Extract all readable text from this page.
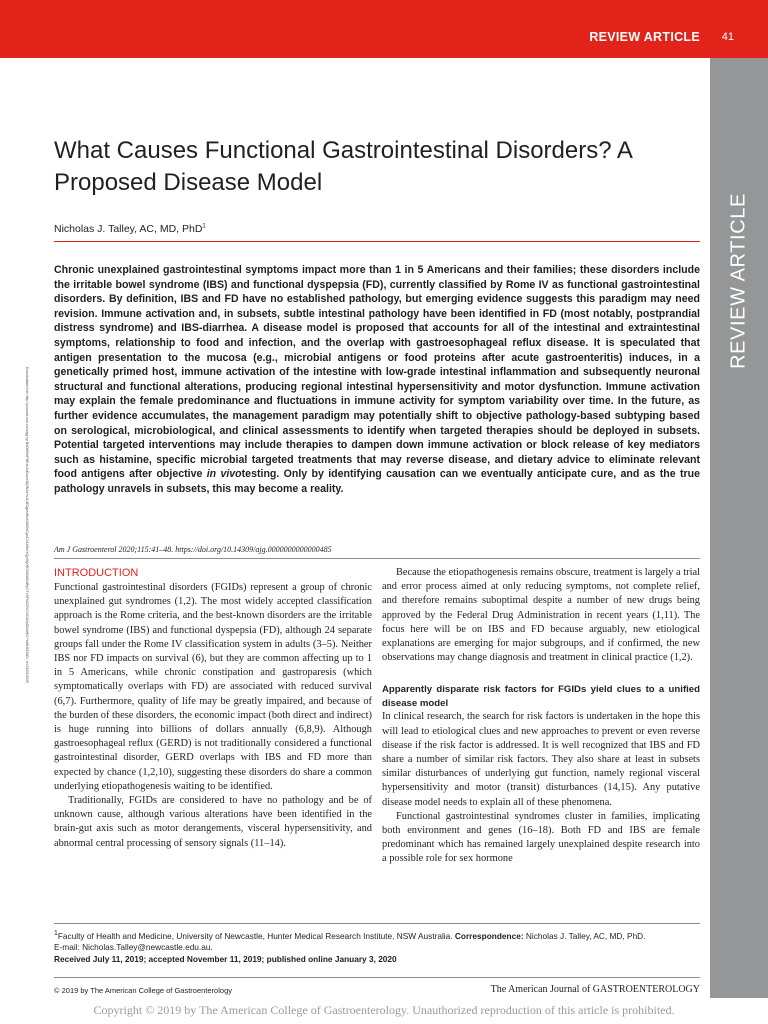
REVIEW ARTICLE 41
REVIEW ARTICLE
What Causes Functional Gastrointestinal Disorders? A Proposed Disease Model
Nicholas J. Talley, AC, MD, PhD$^1$
Downloaded from http://journals.lww.com/ajg by BhDMf5ePHKav1zEoum1tQfN4a+kJLhEZgbsIHo4XMi0hCywCX1AWnYQp/IlQrHD3i3D0OdRyi7TvSFl4Cf3VC4/OAVpDDa8K2+Ya6H515kE= on 01/03/2020

Chronic unexplained gastrointestinal symptoms impact more than 1 in 5 Americans and their families; these disorders include the irritable bowel syndrome (IBS) and functional dyspepsia (FD), currently classified by Rome IV as functional gastrointestinal disorders. By definition, IBS and FD have no established pathology, but emerging evidence suggests this paradigm may need revision. Immune activation and, in subsets, subtle intestinal pathology have been identified in FD (most notably, postprandial distress syndrome) and IBS-diarrhea. A disease model is proposed that accounts for all of the intestinal and extraintestinal symptoms, relationship to food and infection, and the overlap with gastroesophageal reflux disease. It is speculated that antigen presentation to the mucosa (e.g., microbial antigens or food proteins after acute gastroenteritis) induces, in a genetically primed host, immune activation of the intestine with low-grade intestinal inflammation and subsequently neuronal structural and functional alterations, producing regional intestinal hypersensitivity and motor dysfunction. Immune activation may explain the female predominance and fluctuations in immune activity for symptom variability over time. In the future, as further evidence accumulates, the management paradigm may potentially shift to objective pathology-based subtyping based on serological, microbiological, and clinical assessments to identify when targeted therapies should be deployed in subsets. Potential targeted interventions may include therapies to dampen down immune activation or block release of key mediators such as histamine, specific microbial targeted treatments that may reverse disease, and dietary advice to eliminate relevant food antigens after objective in vivotesting. Only by identifying causation can we eventually anticipate cure, and as the true pathology unravels in subsets, this may become a reality.

Am J Gastroenterol 2020;115:41–48. https://doi.org/10.14309/ajg.0000000000000485
INTRODUCTION

Functional gastrointestinal disorders (FGIDs) represent a group of chronic unexplained gut syndromes (1,2). The most widely accepted classification approach is the Rome criteria, and the best-known disorders are the irritable bowel syndrome (IBS) and functional dyspepsia (FD), although 24 separate groups fall under the Rome IV classification system in adults (3–5). Neither IBS nor FD impacts on survival (6), but they are common affecting up to 1 in 5 Americans, while chronic constipation and gastroparesis (which symptomatically overlaps with FD) are associated with reduced survival (6,7). Furthermore, quality of life may be greatly impaired, and because of the burden of these disorders, the economic impact (both direct and indirect) is huge running into billions of dollars annually (6,8,9). Although gastroesophageal reflux (GERD) is not traditionally considered a functional gastrointestinal disorder, GERD overlaps with IBS and FD more than expected by chance (1,2,10), suggesting these disorders do share a common underlying etiopathogenesis waiting to be identified.

Traditionally, FGIDs are considered to have no pathology and be of unknown cause, although various alterations have been identified in the brain-gut axis such as motor derangements, visceral hypersensitivity, and abnormal central processing of sensory signals (11–14).

Because the etiopathogenesis remains obscure, treatment is largely a trial and error process aimed at only reducing symptoms, not complete relief, and therefore remains suboptimal despite a number of new drugs being approved by the Federal Drug Administration in recent years (1,11). The focus here will be on IBS and FD because arguably, new etiological explanations are emerging for major subgroups, and if confirmed, the new observations may change diagnosis and treatment in clinical practice (1,2).

Apparently disparate risk factors for FGIDs yield clues to a unified disease model

In clinical research, the search for risk factors is undertaken in the hope this will lead to etiological clues and new approaches to prevent or even reverse disease if the risk factor is addressed. It is well recognized that IBS and FD share a number of similar risk factors. They also share at least in subsets similar disturbances of underlying gut function, namely regional visceral hypersensitivity and motor (transit) disturbances (14,15). Any putative disease model needs to explain all of these phenomena.

Functional gastrointestinal syndromes cluster in families, implicating both environment and genes (16–18). Both FD and IBS are female predominant which has remained largely unexplained despite research into a possible role for sex hormone

$^1$Faculty of Health and Medicine, University of Newcastle, Hunter Medical Research Institute, NSW Australia. Correspondence: Nicholas J. Talley, AC, MD, PhD.
E-mail: Nicholas.Talley@newcastle.edu.au.
Received July 11, 2019; accepted November 11, 2019; published online January 3, 2020
© 2019 by The American College of Gastroenterology	The American Journal of GASTROENTEROLOGY
Copyright © 2019 by The American College of Gastroenterology. Unauthorized reproduction of this article is prohibited.
